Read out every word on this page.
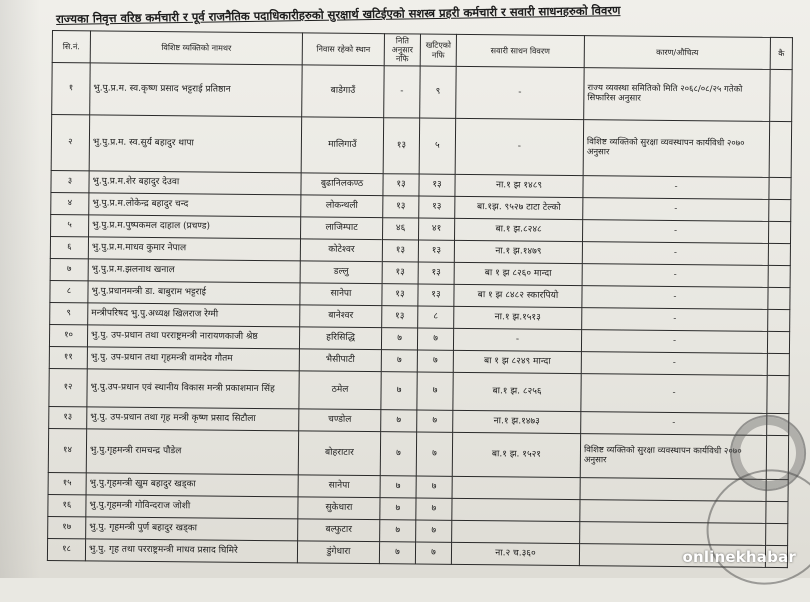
राज्यका निवृत्त वरिष्ठ कर्मचारी र पूर्व राजनैतिक पदाधिकारीहरुको सुरक्षार्थ खटिईएको सशस्त्र प्रहरी कर्मचारी र सवारी साधनहरुको विवरण
सि.नं.	विशिष्ट व्यक्तिको नामथर	निवास रहेको स्थान	निति अनुसार नफि	खटिएको नफि	सवारी साधन विवरण	कारण/औचित्य	कै
१	भु.पु.प्र.म. स्व.कृष्ण प्रसाद भट्टराई प्रतिष्ठान	बाडेगाउँ	-	९	-	राज्य व्यवस्था समितिको मिति २०६८/०८/२५ गतेको सिफारिस अनुसार	
२	भु.पु.प्र.म. स्व.सुर्य बहादुर थापा	मालिगाउँ	१३	५	-	विशिष्ट व्यक्तिको सुरक्षा व्यवस्थापन कार्यविधी २०७० अनुसार	
३	भु.पु.प्र.म.शेर बहादुर देउवा	बुढानिलकण्ठ	१३	१३	ना.१ झ १४८९	-	
४	भु.पु.प्र.म.लोकेन्द्र बहादुर चन्द	लोकन्थली	१३	१३	बा.१झ. ९५२७ टाटा टेल्को	-	
५	भु.पु.प्र.म.पुष्पकमल दाहाल (प्रचण्ड)	लाजिम्पाट	४६	४१	बा.१ झ.८२४८	-	
६	भु.पु.प्र.म.माधव कुमार नेपाल	कोटेश्वर	१३	१३	ना.१ झ.१४७९	-	
७	भु.पु.प्र.म.झलनाथ खनाल	डल्लु	१३	१३	बा १ झ ८२६० मान्दा	-	
८	भु.पु.प्रधानमन्त्री डा. बाबुराम भट्टराई	सानेपा	१३	१३	बा १ झ ८४८२ स्कारपियो	-	
९	मन्त्रीपरिषद भु.पु.अध्यक्ष खिलराज रेग्मी	बानेश्वर	१३	८	ना.१ झ.१५१३	-	
१०	भु.पु. उप-प्रधान तथा परराष्ट्रमन्त्री नारायणकाजी श्रेष्ठ	हरिसिद्धि	७	७	-	-	
११	भु.पु. उप-प्रधान तथा गृहमन्त्री वामदेव गौतम	भैसीपाटी	७	७	बा १ झ ८२४९ मान्दा	-	
१२	भु.पु.उप-प्रधान एवं स्थानीय विकास मन्त्री प्रकाशमान सिंह	ठमेल	७	७	बा.१ झ. ८२५६	-	
१३	भु.पु. उप-प्रधान तथा गृह मन्त्री कृष्ण प्रसाद सिटौला	चण्डोल	७	७	ना.१ झ.१४७३	-	
१४	भु.पु.गृहमन्त्री रामचन्द्र पौडेल	बोहराटार	७	७	बा.१ झ. १५२१	विशिष्ट व्यक्तिको सुरक्षा व्यवस्थापन कार्यविधी २०७० अनुसार	
१५	भु.पु.गृहमन्त्री खुम बहादुर खड्का	सानेपा	७	७			
१६	भु.पु.गृहमन्त्री गोविन्दराज जोशी	सुकेधारा	७	७			
१७	भु.पु. गृहमन्त्री पुर्ण बहादुर खड्का	बल्फुटार	७	७			
१८	भु.पु. गृह तथा परराष्ट्रमन्त्री माधव प्रसाद घिमिरे	डुंगेधारा	७	७	ना.२ च.३६०			onlinekhabar
